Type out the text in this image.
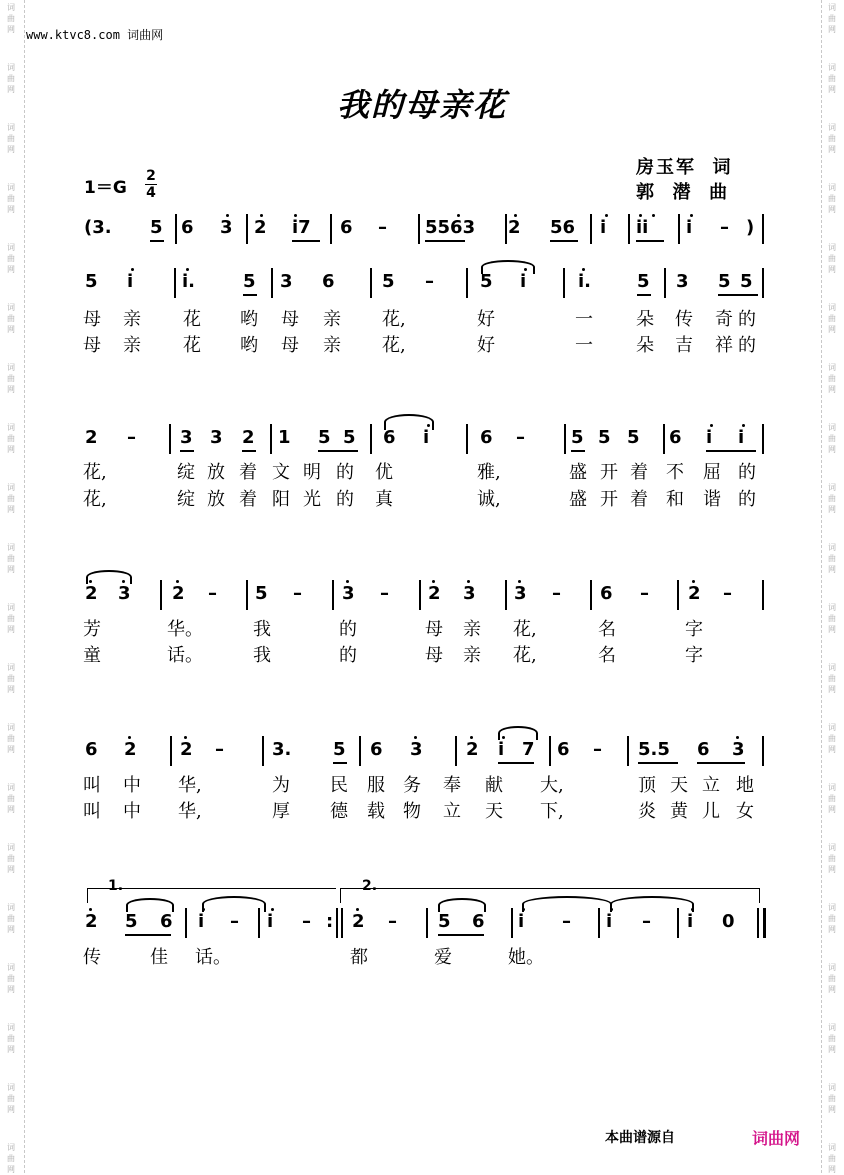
词
曲
网
词
曲
网
词
曲
网
词
曲
网
词
曲
网
词
曲
网
词
曲
网
词
曲
网
词
曲
网
词
曲
网
词
曲
网
词
曲
网
词
曲
网
词
曲
网
词
曲
网
词
曲
网
词
曲
网
词
曲
网
词
曲
网
词
曲
网
词
曲
网
词
曲
网
词
曲
网
词
曲
网
词
曲
网
词
曲
网
词
曲
网
词
曲
网
词
曲
网
词
曲
网
词
曲
网
词
曲
网
词
曲
网
词
曲
网
词
曲
网
词
曲
网
词
曲
网
词
曲
网
词
曲
网
词
曲
网
www.ktvc8.com 词曲网
我的母亲花
房玉军  词
郭  潜  曲
1＝G
2
4
(3. 5 6 3 2 i7 6 – 5563 2 56 i ii i – )
5 i	i.	5 3 6	5 –	5 i	i.	5 3 5 5
母 亲 花 哟 母 亲 花,	好	一 朵 传 奇 的
母 亲 花 哟 母 亲 花,	好	一 朵 吉 祥 的
2 – 3 3 2 1 5 5 6 i	6 –	5 5 5 6 i i
花,	绽 放 着 文 明 的 优	雅,	盛 开 着 不 屈 的
花,	绽 放 着 阳 光 的 真	诚,	盛 开 着 和 谐 的
2 3 2 – 5 – 3 – 2 3 3 – 6 – 2 –
芳	华。	我	的	母 亲 花,	名	字
童	话。	我	的	母 亲 花,	名	字
6 2 2 –	3. 5 6 3 2 i 7 6 – 5.5 6 3
叫 中 华,	为 民 服 务 奉 献 大,	顶 天 立 地
叫 中 华,	厚 德 载 物 立 天 下,	炎 黄 儿 女
1.	2.
2 5 6 i – i – : 2 – 5 6 i – i – i 0
传	佳 话。	都	爱	她。
本曲谱源自	词曲网
